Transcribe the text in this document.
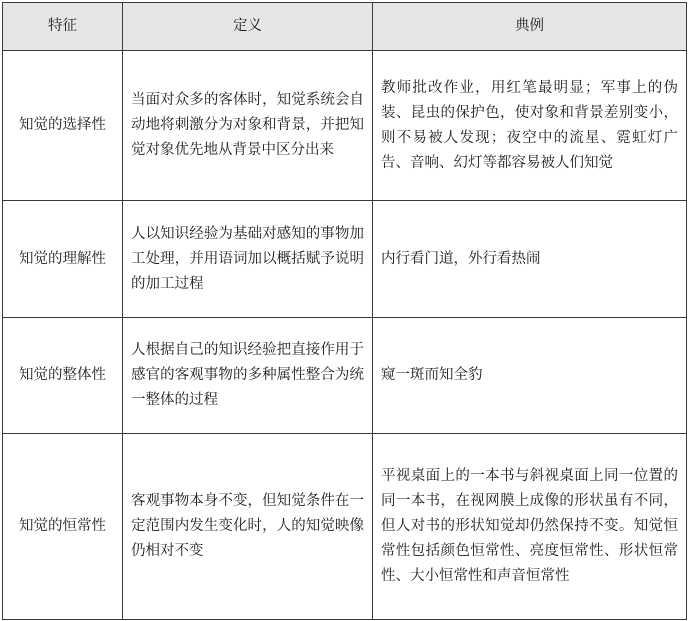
特征	定义	典例
知觉的选择性	当面对众多的客体时，知觉系统会自动地将刺激分为对象和背景，并把知觉对象优先地从背景中区分出来	教师批改作业，用红笔最明显；军事上的伪装、昆虫的保护色，使对象和背景差别变小，则不易被人发现；夜空中的流星、霓虹灯广告、音响、幻灯等都容易被人们知觉
知觉的理解性	人以知识经验为基础对感知的事物加工处理，并用语词加以概括赋予说明的加工过程	内行看门道，外行看热闹
知觉的整体性	人根据自己的知识经验把直接作用于感官的客观事物的多种属性整合为统一整体的过程	窥一斑而知全豹
知觉的恒常性	客观事物本身不变，但知觉条件在一定范围内发生变化时，人的知觉映像仍相对不变	平视桌面上的一本书与斜视桌面上同一位置的同一本书，在视网膜上成像的形状虽有不同，但人对书的形状知觉却仍然保持不变。知觉恒常性包括颜色恒常性、亮度恒常性、形状恒常性、大小恒常性和声音恒常性
